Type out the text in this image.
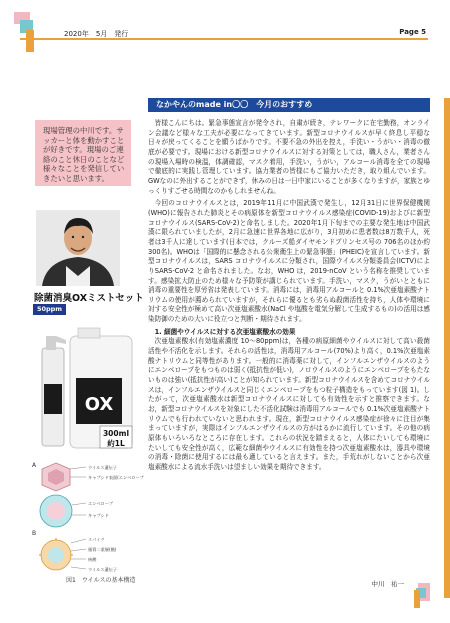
2020年　5月　発行	Page 5
現場管理の中川です。サッカーと体を動かすことが好きです。現場のご連絡のこと休日のことなど様々なことを発信していきたいと思います。
除菌消臭OXミストセット
50ppm
OX
300ml
約1L
A	ウイルス遺伝子
キャプシド表面(エンベロープ)
エンベロープ
キャプシド
B
スパイク
脂質二重層(膜)
核酸
ウイルス遺伝子
図1　ウイルスの基本構造
なかやんのmade in〇〇　今月のおすすめ

皆様こんにちは。緊急事態宣言が発令され，自粛が続き，テレワークに在宅勤務，オンライン会議など様々な工夫が必要になってきています。新型コロナウイルスが早く終息し平穏な日々が戻ってくることを願うばかりです。不要不急の外出を控え，手洗い・うがい・消毒の徹底が必要です。現場における新型コロナウイルスに対する対策としては，職人さん，業者さんの現場入場時の検温，体調確認，マスク着用，手洗い，うがい，アルコール消毒を全ての現場で徹底的に実践し管理しています。協力業者の皆様にもご協力いただき，取り組んでいます。GWなのに外出することができず，休みの日は一日中家にいることが多くなりますが，家族とゆっくりすごせる時間なのかもしれませんね。

今回のコロナウイルスとは，2019年11月に中国武漢で発生し，12月31日に世界保健機関(WHO)に報告された肺炎とその病原体を新型コロナウイルス感染症(COVID-19)およびに新型コロナウイルス(SARS-CoV-2)と命名しました。2020年1月下旬までの主要な発生地は中国武漢に限られていましたが，2月に急速に世界各地に広がり，3月初めに患者数は8万数千人，死者は3千人に達しています(日本では，クルーズ船ダイヤモンドプリンセス号の 706名のほか約 300名)。WHOは「国際的に懸念される公衆衛生上の緊急事態」(PHEIC)を宣言しています。新型コロナウイルスは，SARS コロナウイルスに分類され，国際ウイルス分類委員会(ICTV)によりSARS-CoV-2 と命名されました。なお，WHO は，2019-nCoV という名称を推奨しています。感染拡大防止のため様々な予防策が講じられています。手洗い，マスク，うがいとともに消毒の重要性を厚労省は発表しています。消毒には，消毒用アルコールと 0.1%次亜塩素酸ナトリウムの使用が薦められていますが，それらに優るとも劣らぬ殺菌活性を持ち，人体や環境に対する安全性が極めて高い次亜塩素酸水(NaCl や塩酸を電気分解して生成するもの)の活用は感染防御のための大いに役立つと判断・期待されます。

1. 細菌やウイルスに対する次亜塩素酸水の効果

次亜塩素酸水(有効塩素濃度 10～80ppm)は，各種の病原細菌やウイルスに対して高い殺菌活性や不活化を示します。それらの活性は，消毒用アルコール(70%)より高く，0.1%次亜塩素酸ナトリウムと同等性があります。一般的に消毒薬に対して，インフルエンザウイルスのようにエンベロープをもつものは弱く(抵抗性が低い)，ノロウイルスのようにエンベロープをもたないものは強い(抵抗性が高い)ことが知られています。新型コロナウイルスを含めてコロナウイルスは，インフルエンザウイルスと同じくエンベロープをもつ粒子構造をもっています(図 1)。したがって，次亜塩素酸水は新型コロナウイルスに対しても有効性を示すと推察できます。なお，新型コロナウイルスを対象にした不活化試験は消毒用アルコールでも 0.1%次亜塩素酸ナトリウムでも行われていないと思われます。現在，新型コロナウイルス感染症が徐々に注目が集まっていますが，実際はインフルエンザウイルスの方がはるかに流行しています。その他の病原体もいろいろなところに存在します。これらの状況を踏まえると，人体にたいしても環境にたいしても安全性が高く，広範な細菌やウイルスに有効性を持つ次亜塩素酸水は，器具や環境の消毒・除菌に使用するには最も適していると言えます。また，手荒れがしないことから次亜塩素酸水による流水手洗いは望ましい効果を期待できます。

中川　祐一
